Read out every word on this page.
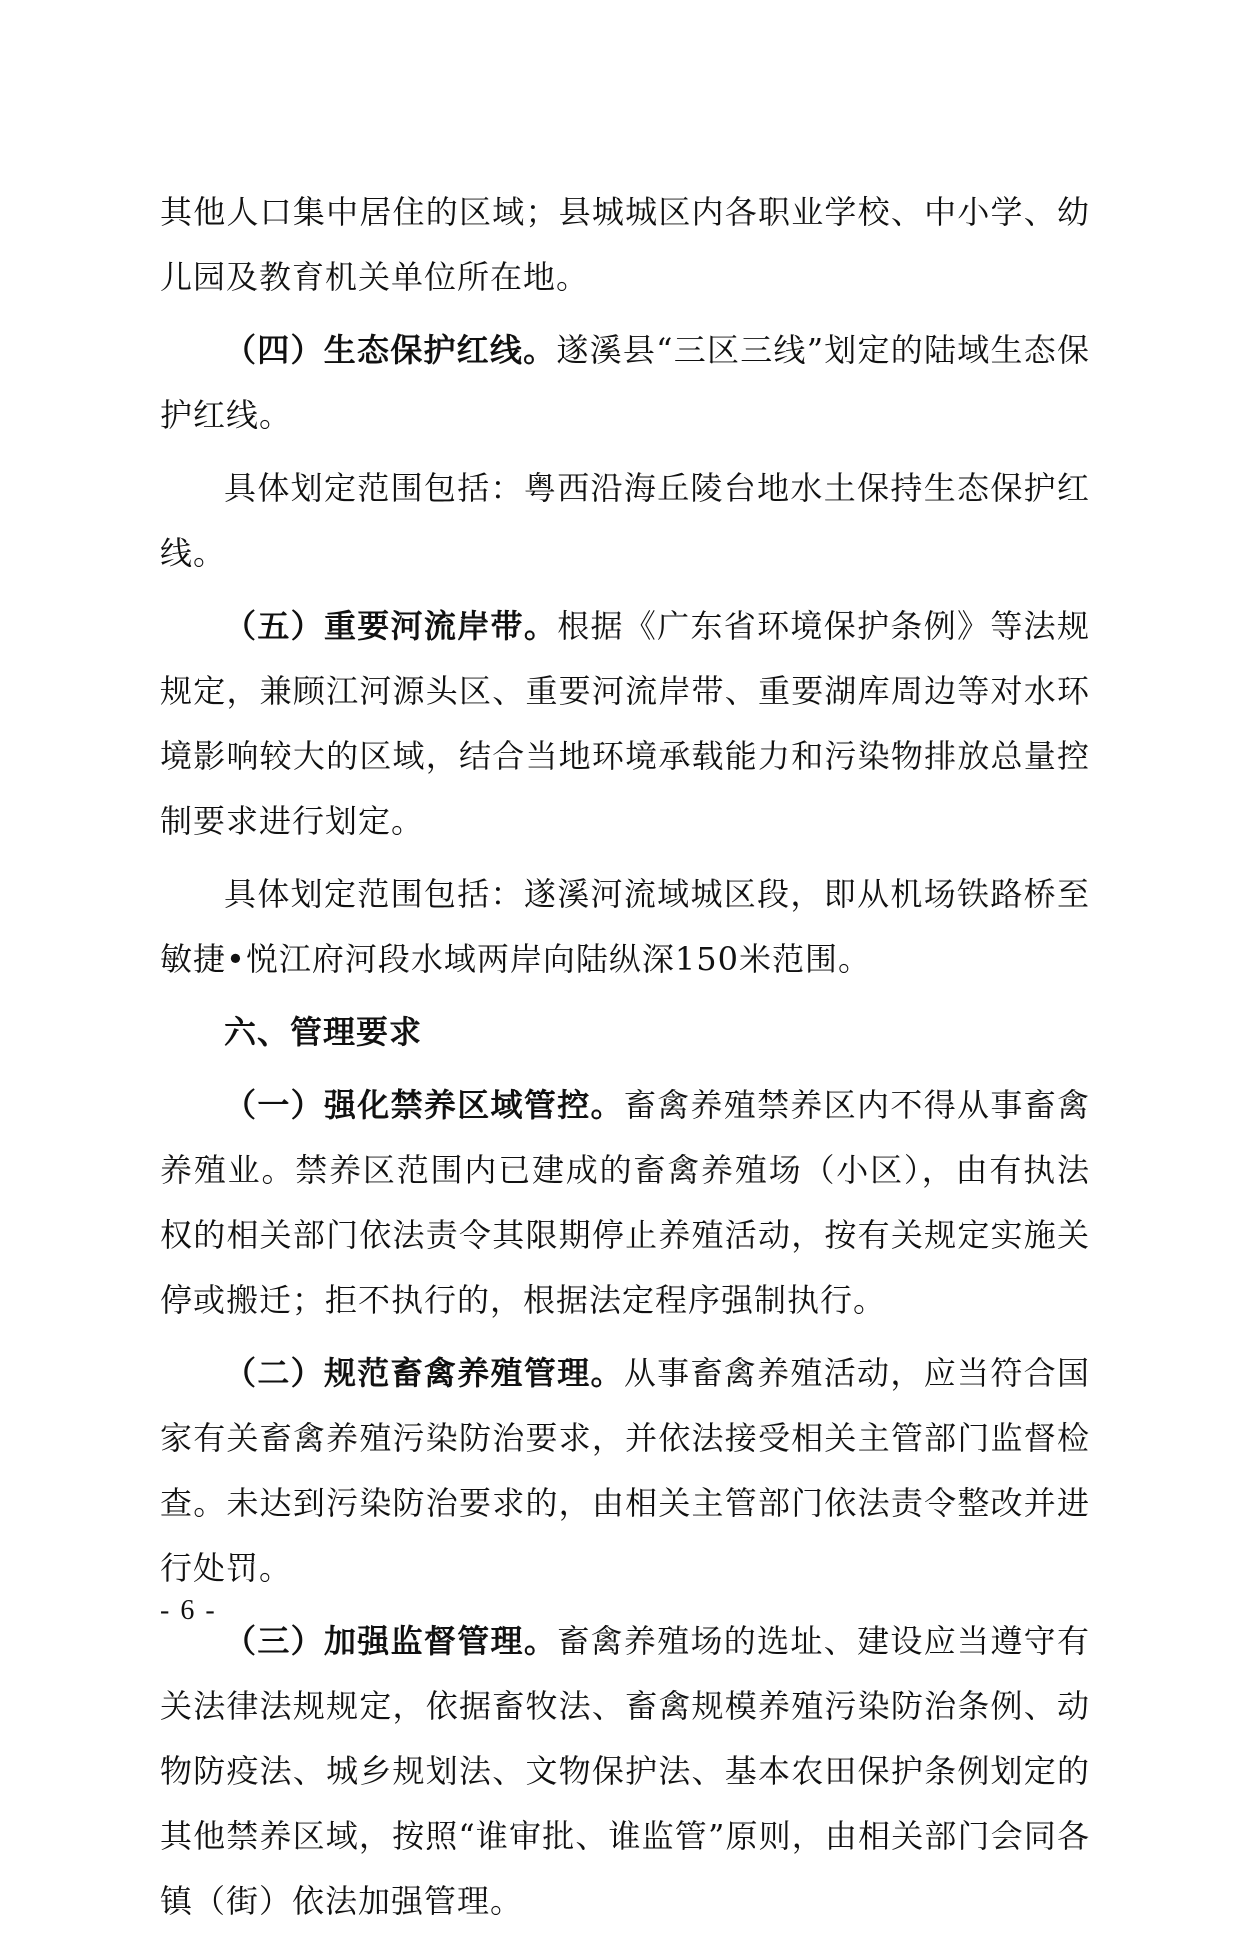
其他人口集中居住的区域；县城城区内各职业学校、中小学、幼儿园及教育机关单位所在地。

（四）生态保护红线。遂溪县“三区三线”划定的陆域生态保护红线。

具体划定范围包括：粤西沿海丘陵台地水土保持生态保护红线。

（五）重要河流岸带。根据《广东省环境保护条例》等法规规定，兼顾江河源头区、重要河流岸带、重要湖库周边等对水环境影响较大的区域，结合当地环境承载能力和污染物排放总量控制要求进行划定。

具体划定范围包括：遂溪河流域城区段，即从机场铁路桥至敏捷•悦江府河段水域两岸向陆纵深150米范围。

六、管理要求

（一）强化禁养区域管控。畜禽养殖禁养区内不得从事畜禽养殖业。禁养区范围内已建成的畜禽养殖场（小区），由有执法权的相关部门依法责令其限期停止养殖活动，按有关规定实施关停或搬迁；拒不执行的，根据法定程序强制执行。

（二）规范畜禽养殖管理。从事畜禽养殖活动，应当符合国家有关畜禽养殖污染防治要求，并依法接受相关主管部门监督检查。未达到污染防治要求的，由相关主管部门依法责令整改并进行处罚。

（三）加强监督管理。畜禽养殖场的选址、建设应当遵守有关法律法规规定，依据畜牧法、畜禽规模养殖污染防治条例、动物防疫法、城乡规划法、文物保护法、基本农田保护条例划定的其他禁养区域，按照“谁审批、谁监管”原则，由相关部门会同各镇（街）依法加强管理。

- 6 -
